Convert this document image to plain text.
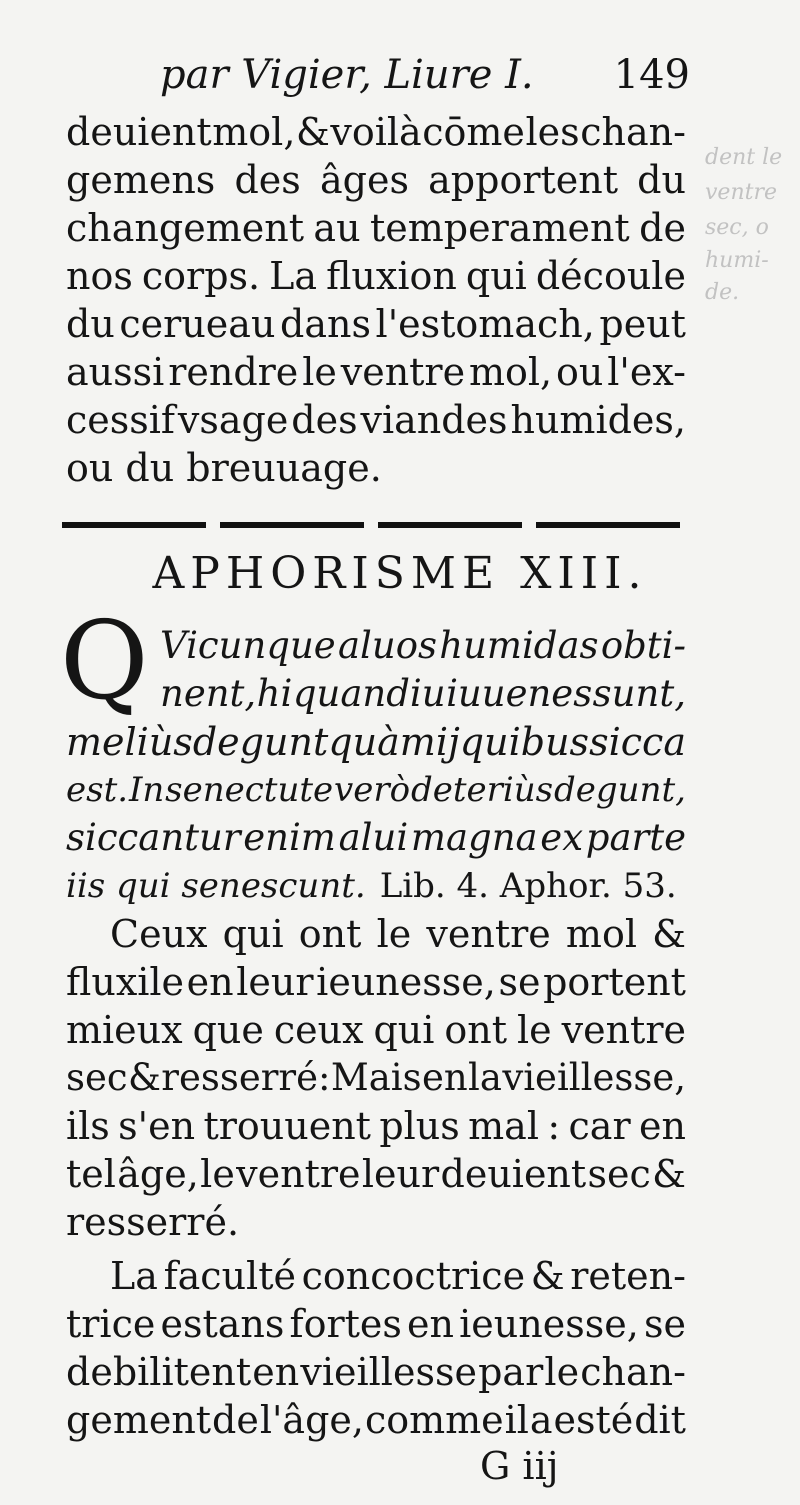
par Vigier, Liure I. 149
dent le
ventre
sec, o
humi-
de.
deuient mol, & voilà cōme les chan-
gemens des âges apportent du
changement au temperament de
nos corps. La fluxion qui découle
du cerueau dans l'estomach, peut
aussi rendre le ventre mol, ou l'ex-
cessif vsage des viandes humides,
ou du breuuage.
APHORISME XIII.
Q Vicunque aluos humidas obti-
nent, hi quandiu iuuenes sunt,
meliùs degunt quàm ij quibus sicca
est. In senectute verò deteriùs degunt,
siccantur enim alui magna ex parte
iis qui senescunt. Lib. 4. Aphor. 53.
Ceux qui ont le ventre mol &
fluxile en leur ieunesse, se portent
mieux que ceux qui ont le ventre
sec & resserré: Mais en la vieillesse,
ils s'en trouuent plus mal : car en
tel âge, le ventre leur deuient sec &
resserré.
La faculté concoctrice & reten-
trice estans fortes en ieunesse, se
debilitent en vieillesse par le chan-
gement de l'âge, comme il a esté dit
G iij
